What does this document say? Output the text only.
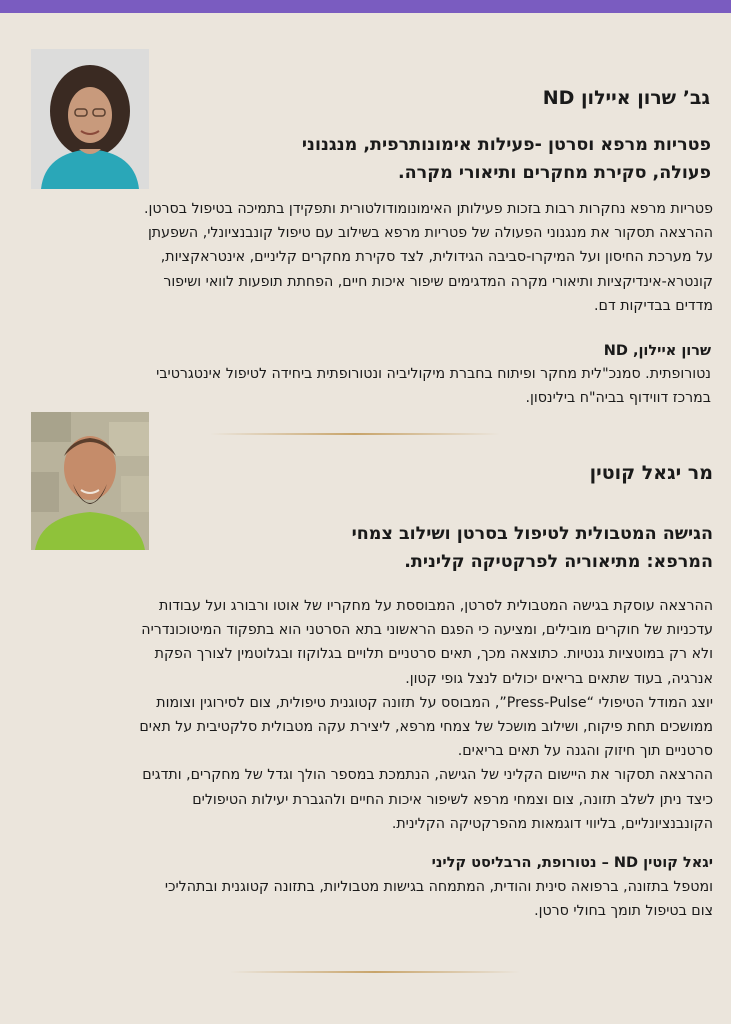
גב’ שרון איילון ND
פטריות מרפא וסרטן -פעילות אימונותרפית, מנגנוני
פעולה, סקירת מחקרים ותיאורי מקרה.
פטריות מרפא נחקרות רבות בזכות פעילותן האימונומודולטורית ותפקידן בתמיכה בטיפול בסרטן.
ההרצאה תסקור את מנגנוני הפעולה של פטריות מרפא בשילוב עם טיפול קונבנציונלי, השפעתן
על מערכת החיסון ועל המיקרו-סביבה הגידולית, לצד סקירת מחקרים קליניים, אינטראקציות,
קונטרא-אינדיקציות ותיאורי מקרה המדגימים שיפור איכות חיים, הפחתת תופעות לוואי ושיפור
מדדים בבדיקות דם.
שרון איילון, ND
נטורופתית. סמנכ"לית מחקר ופיתוח בחברת מיקוליביה ונטורופתית ביחידה לטיפול אינטגרטיבי
במרכז דווידוף בביה"ח בילינסון.
מר יגאל קוטין
הגישה המטבולית לטיפול בסרטן ושילוב צמחי
המרפא: מתיאוריה לפרקטיקה קלינית.
ההרצאה עוסקת בגישה המטבולית לסרטן, המבוססת על מחקריו של אוטו ורבורג ועל עבודות
עדכניות של חוקרים מובילים, ומציעה כי הפגם הראשוני בתא הסרטני הוא בתפקוד המיטוכונדריה
ולא רק במוטציות גנטיות. כתוצאה מכך, תאים סרטניים תלויים בגלוקוז ובגלוטמין לצורך הפקת
אנרגיה, בעוד שתאים בריאים יכולים לנצל גופי קטון.
יוצג המודל הטיפולי “Press-Pulse”, המבוסס על תזונה קטוגנית טיפולית, צום לסירוגין וצומות
ממושכים תחת פיקוח, ושילוב מושכל של צמחי מרפא, ליצירת עקה מטבולית סלקטיבית על תאים
סרטניים תוך חיזוק והגנה על תאים בריאים.
ההרצאה תסקור את היישום הקליני של הגישה, הנתמכת במספר הולך וגדל של מחקרים, ותדגים
כיצד ניתן לשלב תזונה, צום וצמחי מרפא לשיפור איכות החיים ולהגברת יעילות הטיפולים
הקונבנציונליים, בליווי דוגמאות מהפרקטיקה הקלינית.
יגאל קוטין ND – נטורופת, הרבליסט קליני
ומטפל בתזונה, ברפואה סינית והודית, המתמחה בגישות מטבוליות, בתזונה קטוגנית ובתהליכי
צום בטיפול תומך בחולי סרטן.
